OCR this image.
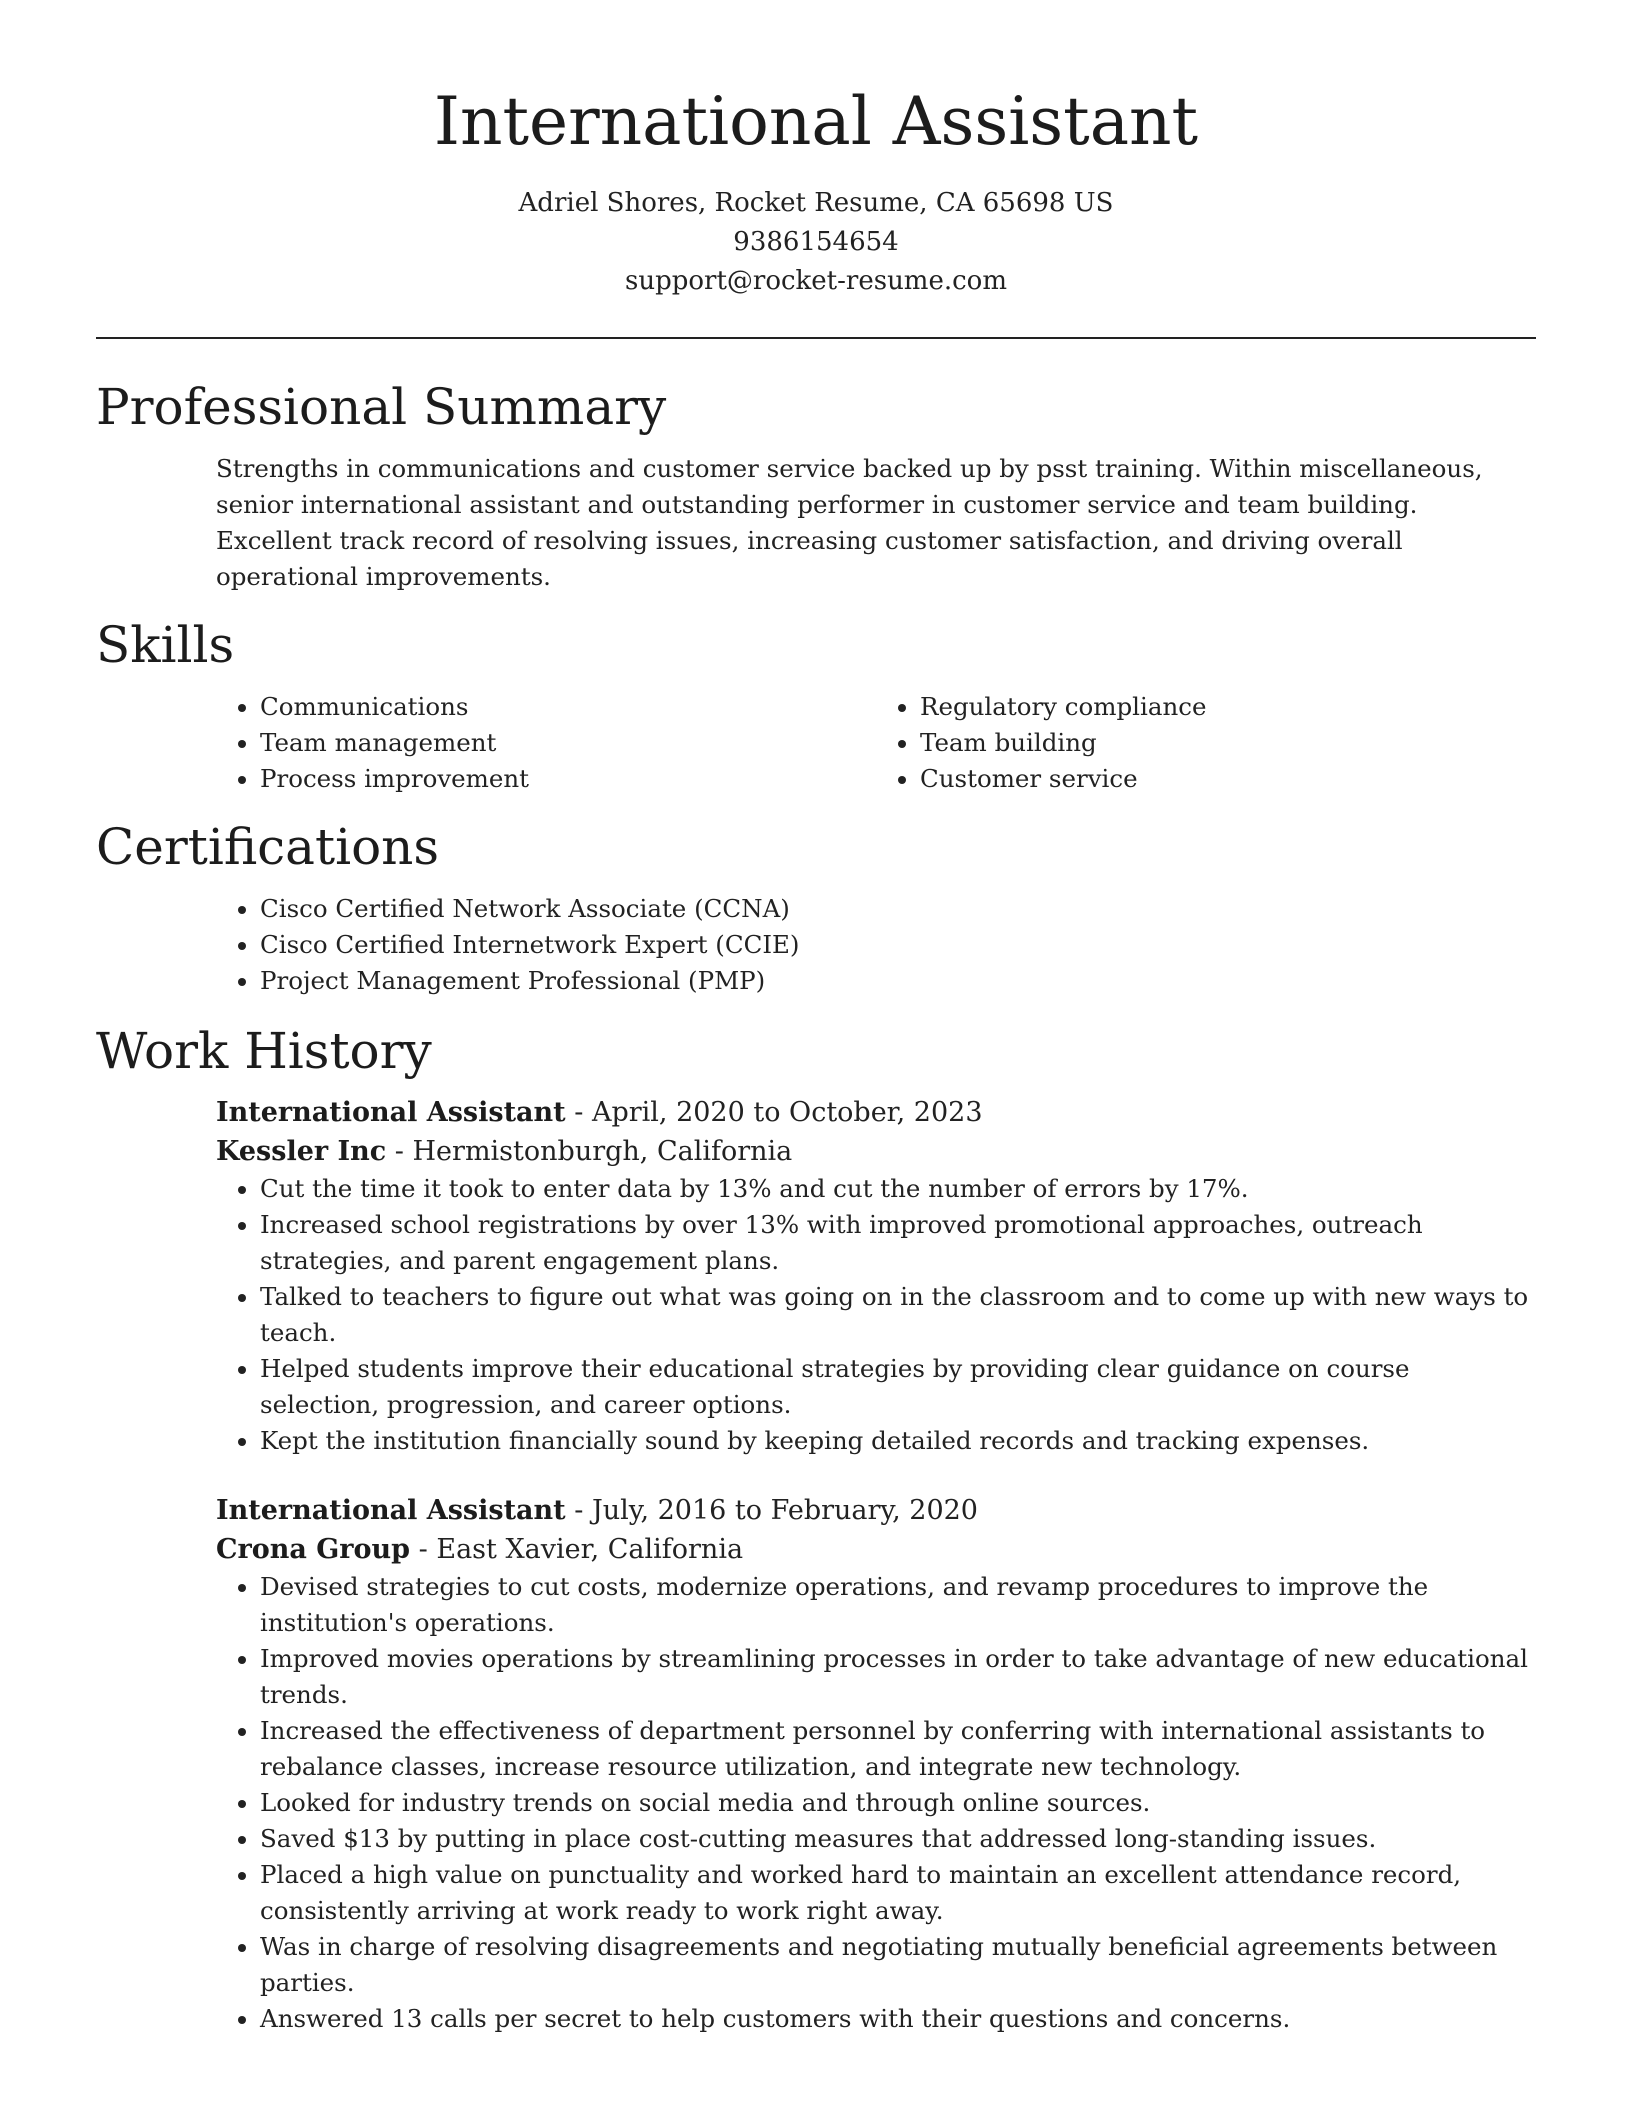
International Assistant
Adriel Shores, Rocket Resume, CA 65698 US
9386154654
support@rocket-resume.com
Professional Summary

Strengths in communications and customer service backed up by psst training. Within miscellaneous, senior international assistant and outstanding performer in customer service and team building. Excellent track record of resolving issues, increasing customer satisfaction, and driving overall operational improvements.

Skills
• Communications
• Team management
• Process improvement
• Regulatory compliance
• Team building
• Customer service
Certifications
• Cisco Certified Network Associate (CCNA)
• Cisco Certified Internetwork Expert (CCIE)
• Project Management Professional (PMP)
Work History
International Assistant - April, 2020 to October, 2023
Kessler Inc - Hermistonburgh, California
• Cut the time it took to enter data by 13% and cut the number of errors by 17%.
• Increased school registrations by over 13% with improved promotional approaches, outreach strategies, and parent engagement plans.
• Talked to teachers to figure out what was going on in the classroom and to come up with new ways to teach.
• Helped students improve their educational strategies by providing clear guidance on course selection, progression, and career options.
• Kept the institution financially sound by keeping detailed records and tracking expenses.
International Assistant - July, 2016 to February, 2020
Crona Group - East Xavier, California
• Devised strategies to cut costs, modernize operations, and revamp procedures to improve the institution's operations.
• Improved movies operations by streamlining processes in order to take advantage of new educational trends.
• Increased the effectiveness of department personnel by conferring with international assistants to rebalance classes, increase resource utilization, and integrate new technology.
• Looked for industry trends on social media and through online sources.
• Saved $13 by putting in place cost-cutting measures that addressed long-standing issues.
• Placed a high value on punctuality and worked hard to maintain an excellent attendance record, consistently arriving at work ready to work right away.
• Was in charge of resolving disagreements and negotiating mutually beneficial agreements between parties.
• Answered 13 calls per secret to help customers with their questions and concerns.
